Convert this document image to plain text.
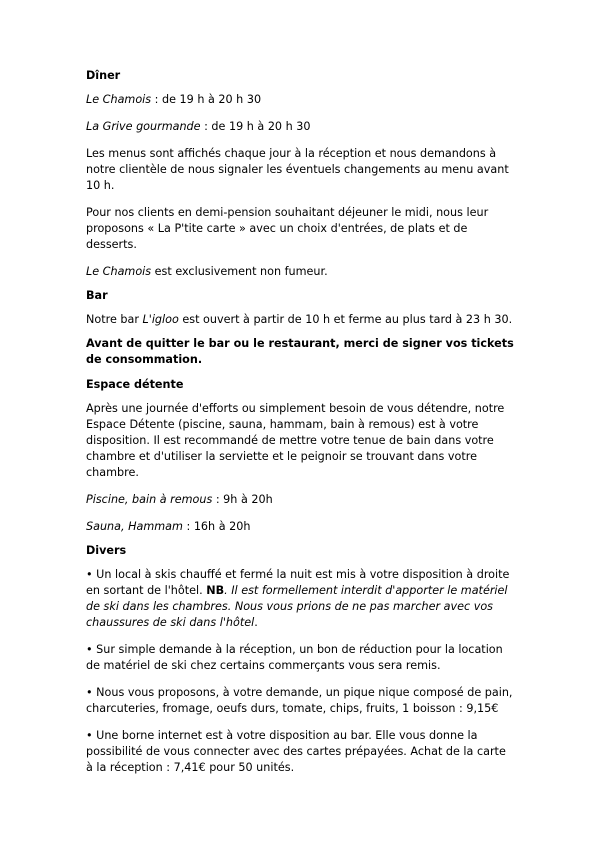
Dîner

Le Chamois : de 19 h à 20 h 30

La Grive gourmande : de 19 h à 20 h 30

Les menus sont affichés chaque jour à la réception et nous demandons à notre clientèle de nous signaler les éventuels changements au menu avant 10 h.

Pour nos clients en demi-pension souhaitant déjeuner le midi, nous leur proposons « La P'tite carte » avec un choix d'entrées, de plats et de desserts.

Le Chamois est exclusivement non fumeur.

Bar

Notre bar L'igloo est ouvert à partir de 10 h et ferme au plus tard à 23 h 30.

Avant de quitter le bar ou le restaurant, merci de signer vos tickets de consommation.

Espace détente

Après une journée d'efforts ou simplement besoin de vous détendre, notre Espace Détente (piscine, sauna, hammam, bain à remous) est à votre disposition. Il est recommandé de mettre votre tenue de bain dans votre chambre et d'utiliser la serviette et le peignoir se trouvant dans votre chambre.

Piscine, bain à remous : 9h à 20h

Sauna, Hammam : 16h à 20h

Divers

• Un local à skis chauffé et fermé la nuit est mis à votre disposition à droite en sortant de l'hôtel. NB. Il est formellement interdit d'apporter le matériel de ski dans les chambres. Nous vous prions de ne pas marcher avec vos chaussures de ski dans l'hôtel.

• Sur simple demande à la réception, un bon de réduction pour la location de matériel de ski chez certains commerçants vous sera remis.

• Nous vous proposons, à votre demande, un pique nique composé de pain, charcuteries, fromage, oeufs durs, tomate, chips, fruits, 1 boisson : 9,15€

• Une borne internet est à votre disposition au bar. Elle vous donne la possibilité de vous connecter avec des cartes prépayées. Achat de la carte à la réception : 7,41€ pour 50 unités.
